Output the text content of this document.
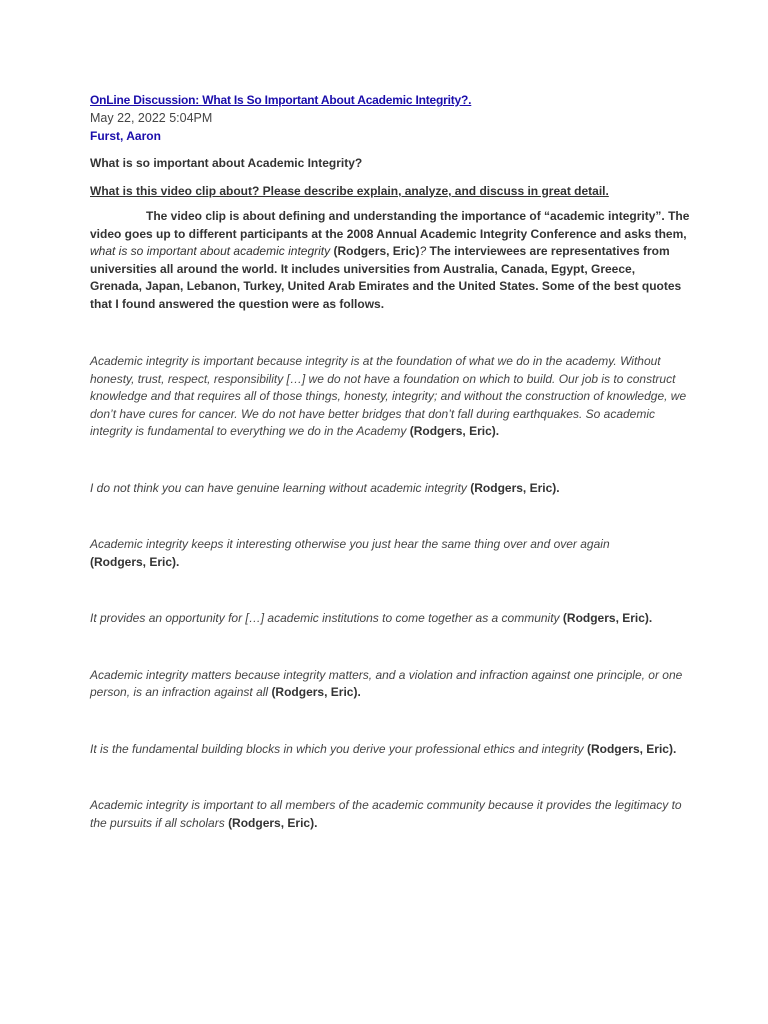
OnLine Discussion: What Is So Important About Academic Integrity?.
May 22, 2022 5:04PM
Furst, Aaron
What is so important about Academic Integrity?
What is this video clip about? Please describe explain, analyze, and discuss in great detail.

The video clip is about defining and understanding the importance of “academic integrity”. The video goes up to different participants at the 2008 Annual Academic Integrity Conference and asks them, what is so important about academic integrity (Rodgers, Eric)? The interviewees are representatives from universities all around the world. It includes universities from Australia, Canada, Egypt, Greece, Grenada, Japan, Lebanon, Turkey, United Arab Emirates and the United States. Some of the best quotes that I found answered the question were as follows.

Academic integrity is important because integrity is at the foundation of what we do in the academy. Without honesty, trust, respect, responsibility […] we do not have a foundation on which to build. Our job is to construct knowledge and that requires all of those things, honesty, integrity; and without the construction of knowledge, we don’t have cures for cancer. We do not have better bridges that don’t fall during earthquakes. So academic integrity is fundamental to everything we do in the Academy (Rodgers, Eric).

I do not think you can have genuine learning without academic integrity (Rodgers, Eric).

Academic integrity keeps it interesting otherwise you just hear the same thing over and over again (Rodgers, Eric).

It provides an opportunity for […] academic institutions to come together as a community (Rodgers, Eric).

Academic integrity matters because integrity matters, and a violation and infraction against one principle, or one person, is an infraction against all (Rodgers, Eric).

It is the fundamental building blocks in which you derive your professional ethics and integrity (Rodgers, Eric).

Academic integrity is important to all members of the academic community because it provides the legitimacy to the pursuits if all scholars (Rodgers, Eric).
